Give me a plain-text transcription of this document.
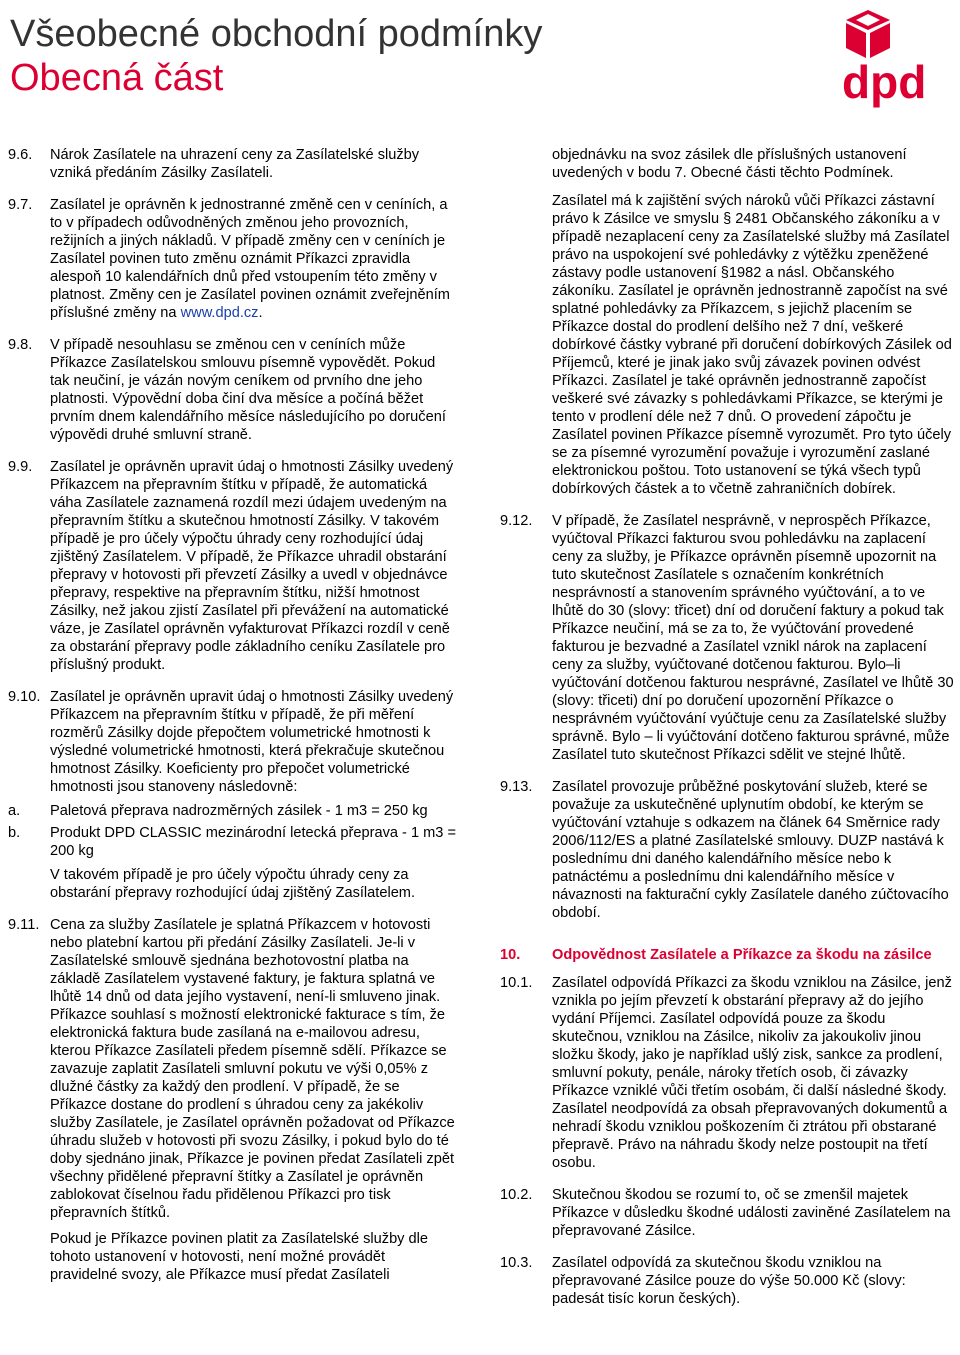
Všeobecné obchodní podmínky
Obecná část	dpd
9.6. Nárok Zasílatele na uhrazení ceny za Zasílatelské služby vzniká předáním Zásilky Zasílateli.

9.7. Zasílatel je oprávněn k jednostranné změně cen v ceníních, a to v případech odůvodněných změnou jeho provozních, režijních a jiných nákladů. V případě změny cen v ceníních je Zasílatel povinen tuto změnu oznámit Příkazci zpravidla alespoň 10 kalendářních dnů před vstoupením této změny v platnost. Změny cen je Zasílatel povinen oznámit zveřejněním příslušné změny na www.dpd.cz.

9.8. V případě nesouhlasu se změnou cen v ceníních může Příkazce Zasílatelskou smlouvu písemně vypovědět. Pokud tak neučiní, je vázán novým ceníkem od prvního dne jeho platnosti. Výpovědní doba činí dva měsíce a počíná běžet prvním dnem kalendářního měsíce následujícího po doručení výpovědi druhé smluvní straně.

9.9. Zasílatel je oprávněn upravit údaj o hmotnosti Zásilky uvedený Příkazcem na přepravním štítku v případě, že automatická váha Zasílatele zaznamená rozdíl mezi údajem uvedeným na přepravním štítku a skutečnou hmotností Zásilky. V takovém případě je pro účely výpočtu úhrady ceny rozhodující údaj zjištěný Zasílatelem. V případě, že Příkazce uhradil obstarání přepravy v hotovosti při převzetí Zásilky a uvedl v objednávce přepravy, respektive na přepravním štítku, nižší hmotnost Zásilky, než jakou zjistí Zasílatel při převážení na automatické váze, je Zasílatel oprávněn vyfakturovat Příkazci rozdíl v ceně za obstarání přepravy podle základního ceníku Zasílatele pro příslušný produkt.

9.10. Zasílatel je oprávněn upravit údaj o hmotnosti Zásilky uvedený Příkazcem na přepravním štítku v případě, že při měření rozměrů Zásilky dojde přepočtem volumetrické hmotnosti k výsledné volumetrické hmotnosti, která překračuje skutečnou hmotnost Zásilky. Koeficienty pro přepočet volumetrické hmotnosti jsou stanoveny následovně:

a. Paletová přeprava nadrozměrných zásilek - 1 m3 = 250 kg

b. Produkt DPD CLASSIC mezinárodní letecká přeprava - 1 m3 = 200 kg

V takovém případě je pro účely výpočtu úhrady ceny za obstarání přepravy rozhodující údaj zjištěný Zasílatelem.

9.11. Cena za služby Zasílatele je splatná Příkazcem v hotovosti nebo platební kartou při předání Zásilky Zasílateli. Je-li v Zasílatelské smlouvě sjednána bezhotovostní platba na základě Zasílatelem vystavené faktury, je faktura splatná ve lhůtě 14 dnů od data jejího vystavení, není-li smluveno jinak. Příkazce souhlasí s možností elektronické fakturace s tím, že elektronická faktura bude zasílaná na e-mailovou adresu, kterou Příkazce Zasílateli předem písemně sdělí. Příkazce se zavazuje zaplatit Zasílateli smluvní pokutu ve výši 0,05% z dlužné částky za každý den prodlení. V případě, že se Příkazce dostane do prodlení s úhradou ceny za jakékoliv služby Zasílatele, je Zasílatel oprávněn požadovat od Příkazce úhradu služeb v hotovosti při svozu Zásilky, i pokud bylo do té doby sjednáno jinak, Příkazce je povinen předat Zasílateli zpět všechny přidělené přepravní štítky a Zasílatel je oprávněn zablokovat číselnou řadu přidělenou Příkazci pro tisk přepravních štítků.

Pokud je Příkazce povinen platit za Zasílatelské služby dle tohoto ustanovení v hotovosti, není možné provádět pravidelné svozy, ale Příkazce musí předat Zasílateli

objednávku na svoz zásilek dle příslušných ustanovení uvedených v bodu 7. Obecné části těchto Podmínek.

Zasílatel má k zajištění svých nároků vůči Příkazci zástavní právo k Zásilce ve smyslu § 2481 Občanského zákoníku a v případě nezaplacení ceny za Zasílatelské služby má Zasílatel právo na uspokojení své pohledávky z výtěžku zpeněžené zástavy podle ustanovení §1982 a násl. Občanského zákoníku. Zasílatel je oprávněn jednostranně započíst na své splatné pohledávky za Příkazcem, s jejichž placením se Příkazce dostal do prodlení delšího než 7 dní, veškeré dobírkové částky vybrané při doručení dobírkových Zásilek od Příjemců, které je jinak jako svůj závazek povinen odvést Příkazci. Zasílatel je také oprávněn jednostranně započíst veškeré své závazky s pohledávkami Příkazce, se kterými je tento v prodlení déle než 7 dnů. O provedení zápočtu je Zasílatel povinen Příkazce písemně vyrozumět. Pro tyto účely se za písemné vyrozumění považuje i vyrozumění zaslané elektronickou poštou. Toto ustanovení se týká všech typů dobírkových částek a to včetně zahraničních dobírek.

9.12. V případě, že Zasílatel nesprávně, v neprospěch Příkazce, vyúčtoval Příkazci fakturou svou pohledávku na zaplacení ceny za služby, je Příkazce oprávněn písemně upozornit na tuto skutečnost Zasílatele s označením konkrétních nesprávností a stanovením správného vyúčtování, a to ve lhůtě do 30 (slovy: třicet) dní od doručení faktury a pokud tak Příkazce neučiní, má se za to, že vyúčtování provedené fakturou je bezvadné a Zasílatel vznikl nárok na zaplacení ceny za služby, vyúčtované dotčenou fakturou. Bylo–li vyúčtování dotčenou fakturou nesprávné, Zasílatel ve lhůtě 30 (slovy: třiceti) dní po doručení upozornění Příkazce o nesprávném vyúčtování vyúčtuje cenu za Zasílatelské služby správně. Bylo – li vyúčtování dotčeno fakturou správné, může Zasílatel tuto skutečnost Příkazci sdělit ve stejné lhůtě.

9.13. Zasílatel provozuje průběžné poskytování služeb, které se považuje za uskutečněné uplynutím období, ke kterým se vyúčtování vztahuje s odkazem na článek 64 Směrnice rady 2006/112/ES a platné Zasílatelské smlouvy. DUZP nastává k poslednímu dni daného kalendářního měsíce nebo k patnáctému a poslednímu dni kalendářního měsíce v návaznosti na fakturační cykly Zasílatele daného zúčtovacího období.

10. Odpovědnost Zasílatele a Příkazce za škodu na zásilce

10.1. Zasílatel odpovídá Příkazci za škodu vzniklou na Zásilce, jenž vznikla po jejím převzetí k obstarání přepravy až do jejího vydání Příjemci. Zasílatel odpovídá pouze za škodu skutečnou, vzniklou na Zásilce, nikoliv za jakoukoliv jinou složku škody, jako je například ušlý zisk, sankce za prodlení, smluvní pokuty, penále, nároky třetích osob, či závazky Příkazce vzniklé vůči třetím osobám, či další následné škody. Zasílatel neodpovídá za obsah přepravovaných dokumentů a nehradí škodu vzniklou poškozením či ztrátou při obstarané přepravě. Právo na náhradu škody nelze postoupit na třetí osobu.

10.2. Skutečnou škodou se rozumí to, oč se zmenšil majetek Příkazce v důsledku škodné události zaviněné Zasílatelem na přepravované Zásilce.

10.3. Zasílatel odpovídá za skutečnou škodu vzniklou na přepravované Zásilce pouze do výše 50.000 Kč (slovy: padesát tisíc korun českých).
